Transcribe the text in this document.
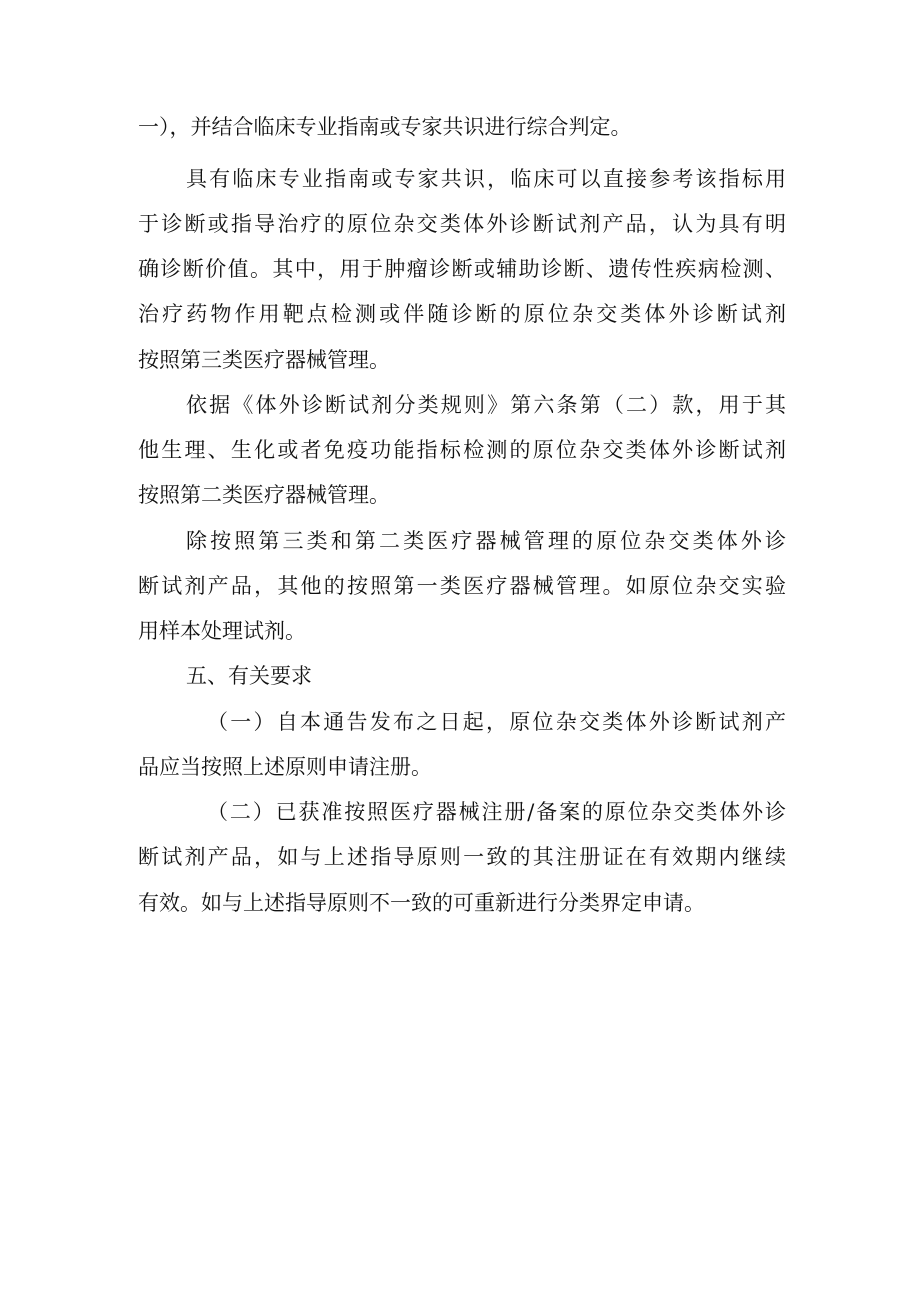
一），并结合临床专业指南或专家共识进行综合判定。
具有临床专业指南或专家共识，临床可以直接参考该指标用
于诊断或指导治疗的原位杂交类体外诊断试剂产品，认为具有明
确诊断价值。其中，用于肿瘤诊断或辅助诊断、遗传性疾病检测、
治疗药物作用靶点检测或伴随诊断的原位杂交类体外诊断试剂
按照第三类医疗器械管理。
依据《体外诊断试剂分类规则》第六条第（二）款，用于其
他生理、生化或者免疫功能指标检测的原位杂交类体外诊断试剂
按照第二类医疗器械管理。
除按照第三类和第二类医疗器械管理的原位杂交类体外诊
断试剂产品，其他的按照第一类医疗器械管理。如原位杂交实验
用样本处理试剂。
五、有关要求
（一）自本通告发布之日起，原位杂交类体外诊断试剂产
品应当按照上述原则申请注册。
（二）已获准按照医疗器械注册/备案的原位杂交类体外诊
断试剂产品，如与上述指导原则一致的其注册证在有效期内继续
有效。如与上述指导原则不一致的可重新进行分类界定申请。
